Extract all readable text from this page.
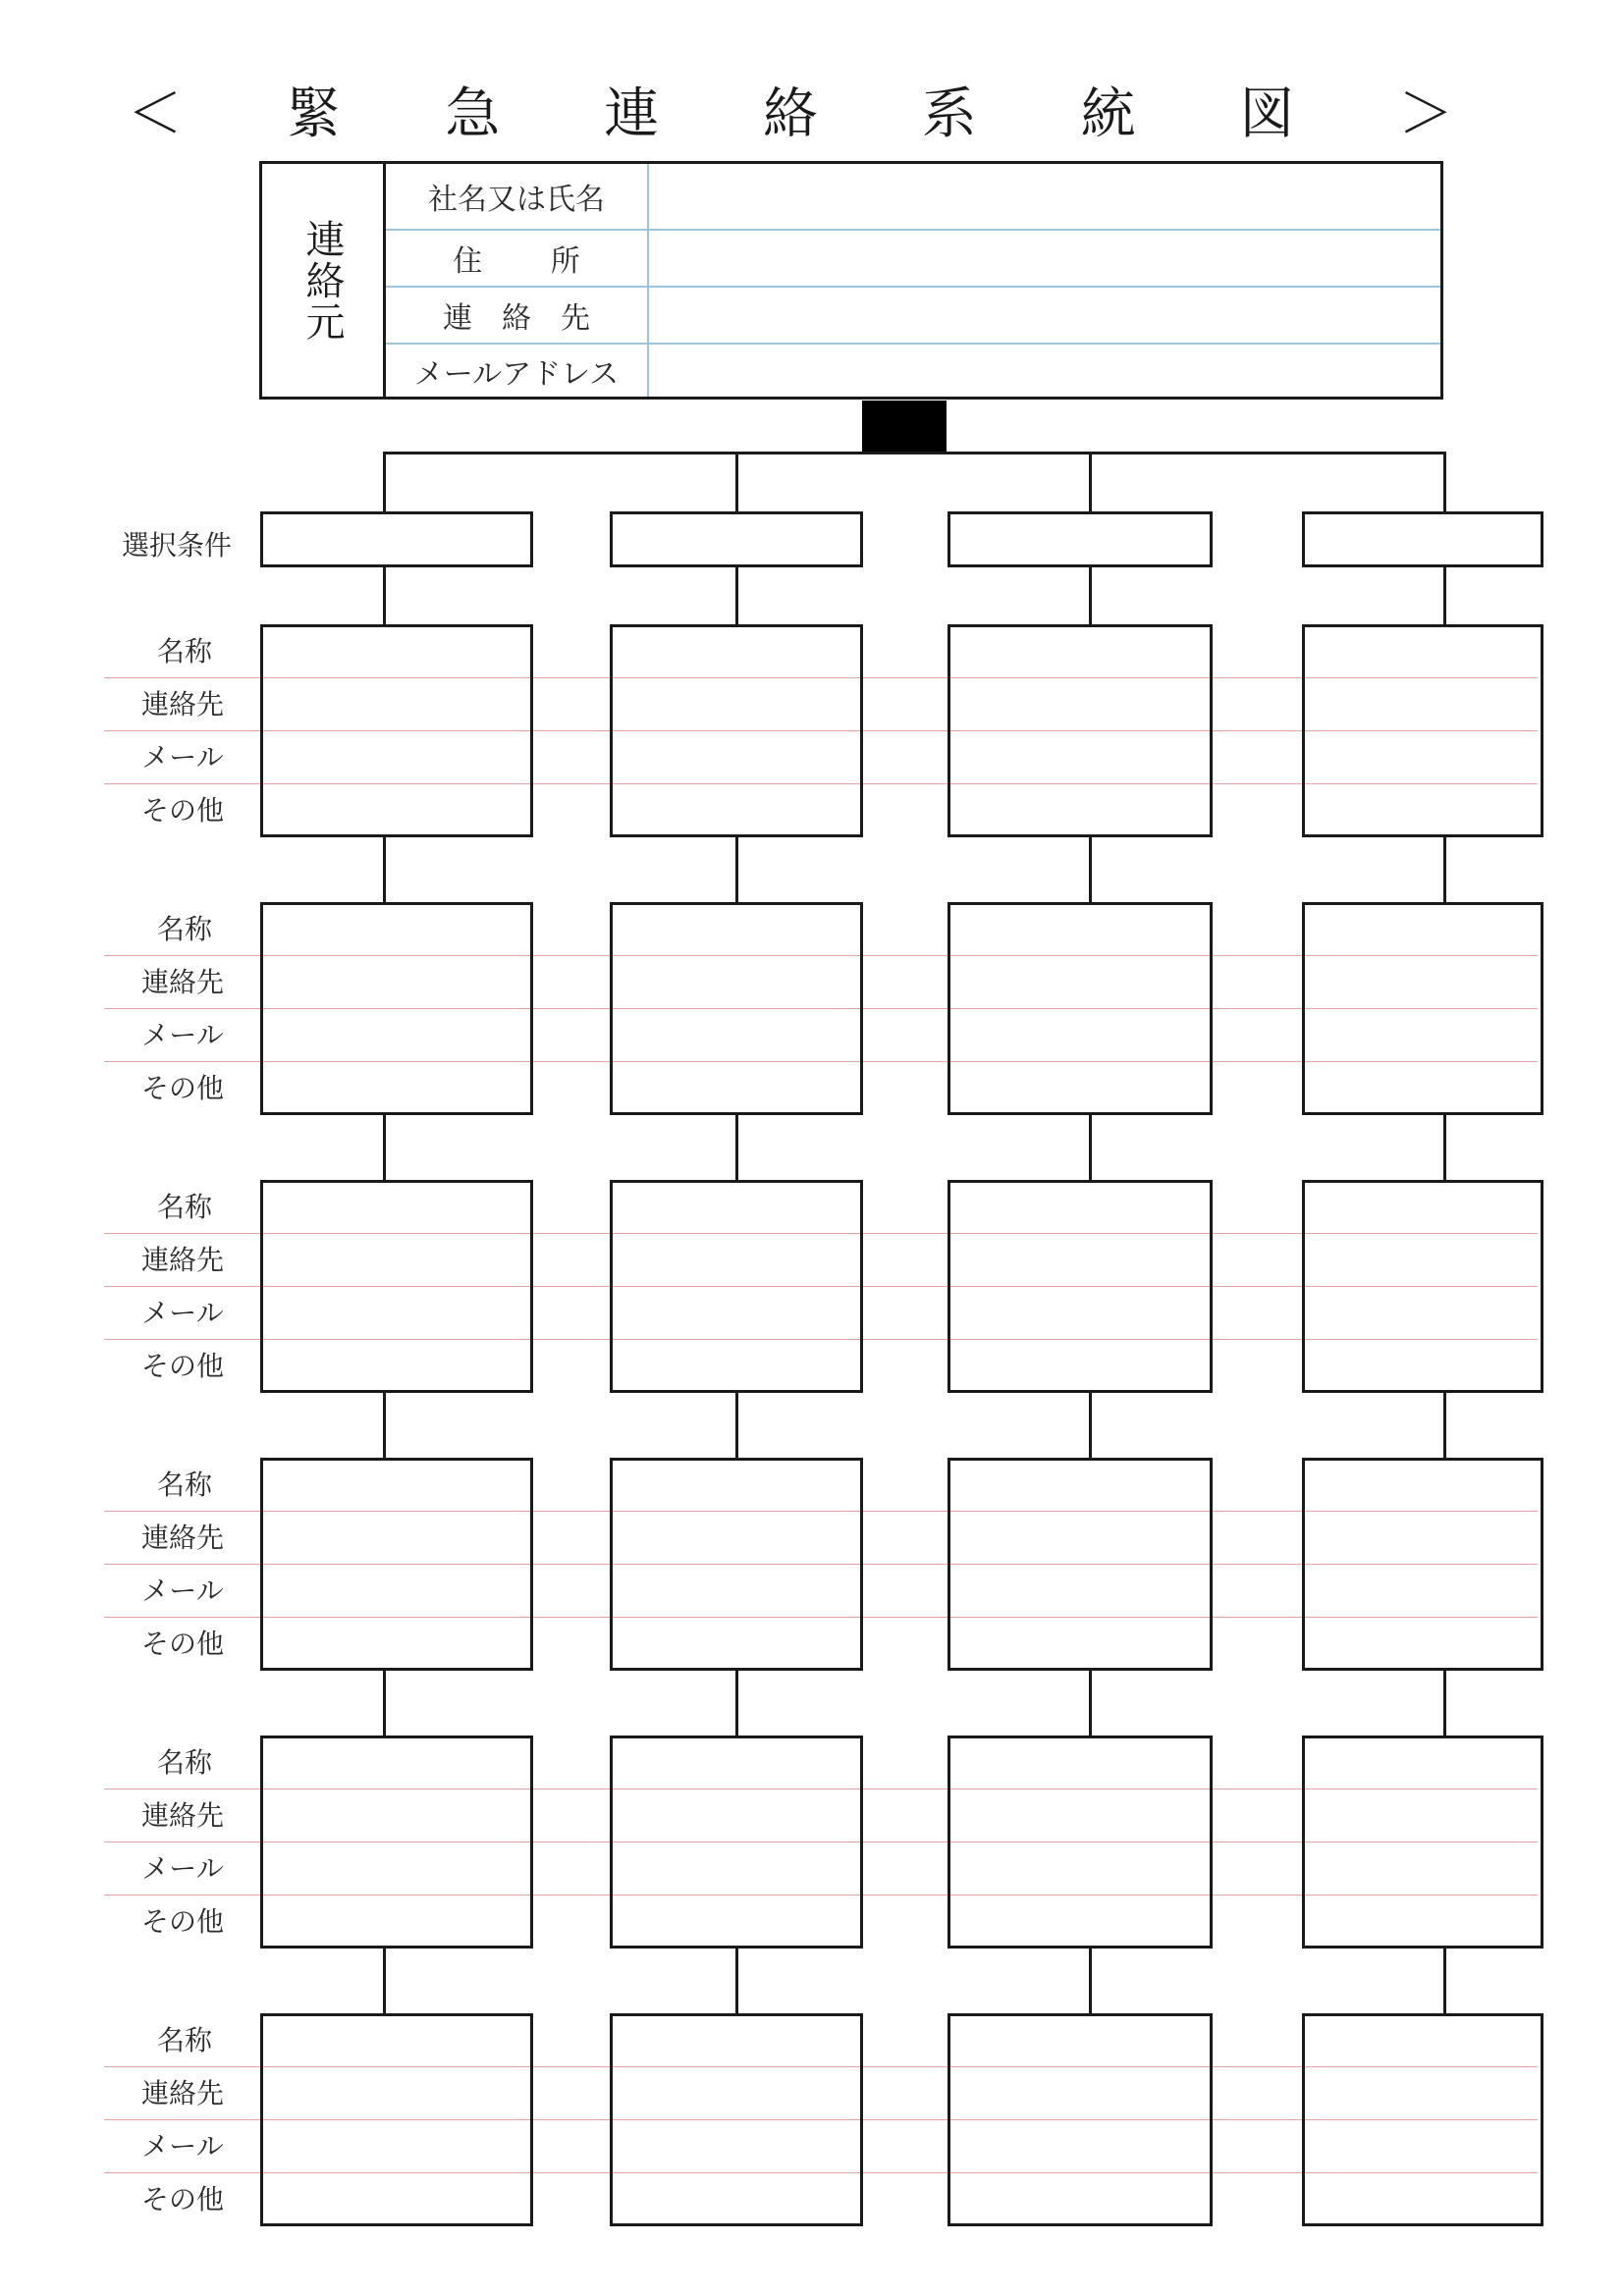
＜ 緊 急 連 絡 系 統 図 ＞
連絡元
社名又は氏名
住　　 所
連　絡　先
メールアドレス
選択条件
名称
連絡先
メール
その他
名称
連絡先
メール
その他
名称
連絡先
メール
その他
名称
連絡先
メール
その他
名称
連絡先
メール
その他
名称
連絡先
メール
その他
